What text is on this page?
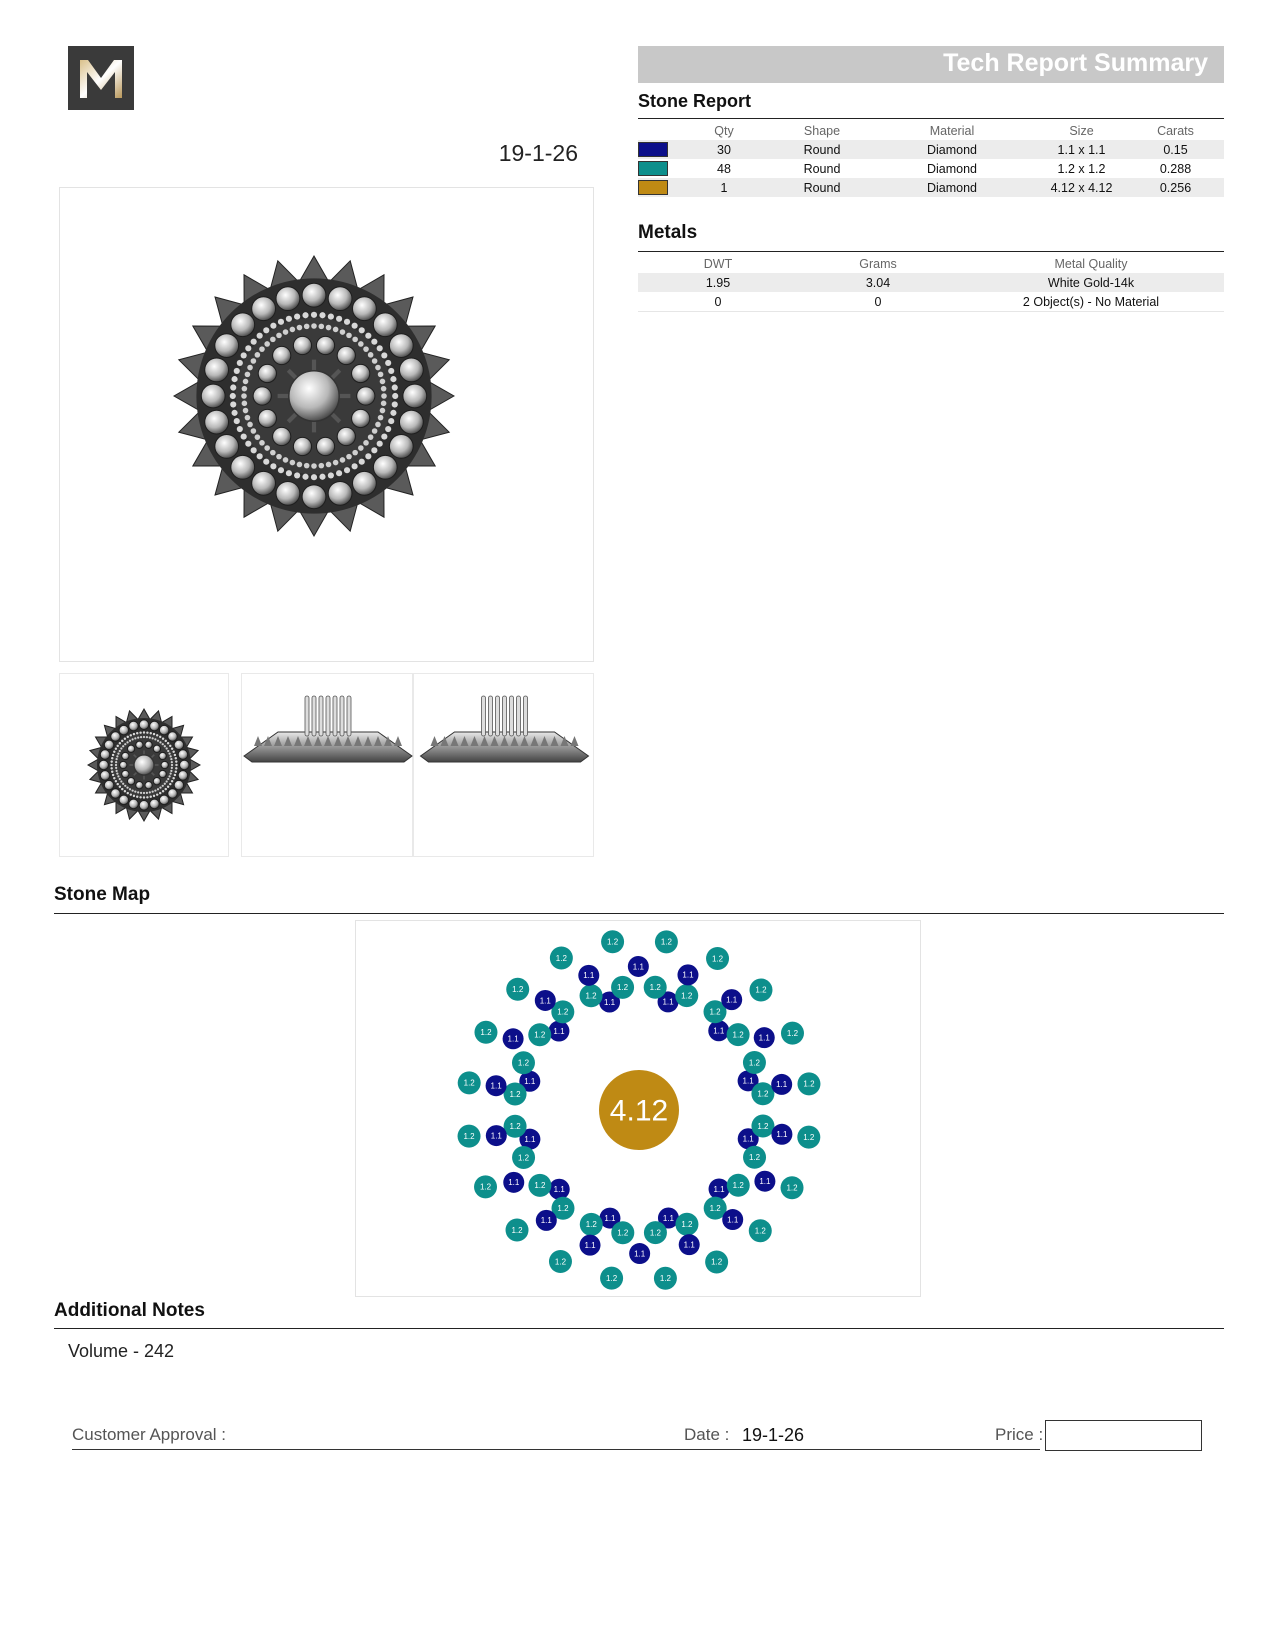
19-1-26
Tech Report Summary
Stone Report
	Qty	Shape	Material	Size	Carats

	30	Round	Diamond	1.1 x 1.1	0.15

	48	Round	Diamond	1.2 x 1.2	0.288

	1	Round	Diamond	4.12 x 4.12	0.256
Metals
DWT	Grams	Metal Quality
1.95	3.04	White Gold-14k
0	0	2 Object(s) - No Material
Stone Map
4.12
1.1
1.1
1.1
1.1
1.1
1.1
1.1
1.1
1.1	1.1
1.1
1.1
1.2
1.2
1.2
1.2
1.2
1.2
1.2
1.2
1.2
1.2
1.2
1.2
1.2
1.2
1.2
1.2
1.2
1.2	1.2
1.2
1.2
1.2
1.2
1.2
1.1
1.1
1.1
1.1
1.1
1.1
1.1
1.1
1.1
1.1
1.1
1.1
1.1
1.1
1.1
1.1
1.1
1.1
1.2
1.2
1.2
1.2
1.2
1.2
1.2
1.2
1.2
1.2
1.2
1.2
1.2
1.2
1.2	1.2
1.2
1.2
1.2
1.2
Additional Notes
Volume - 242
Customer Approval :	Date : 19-1-26	Price :
